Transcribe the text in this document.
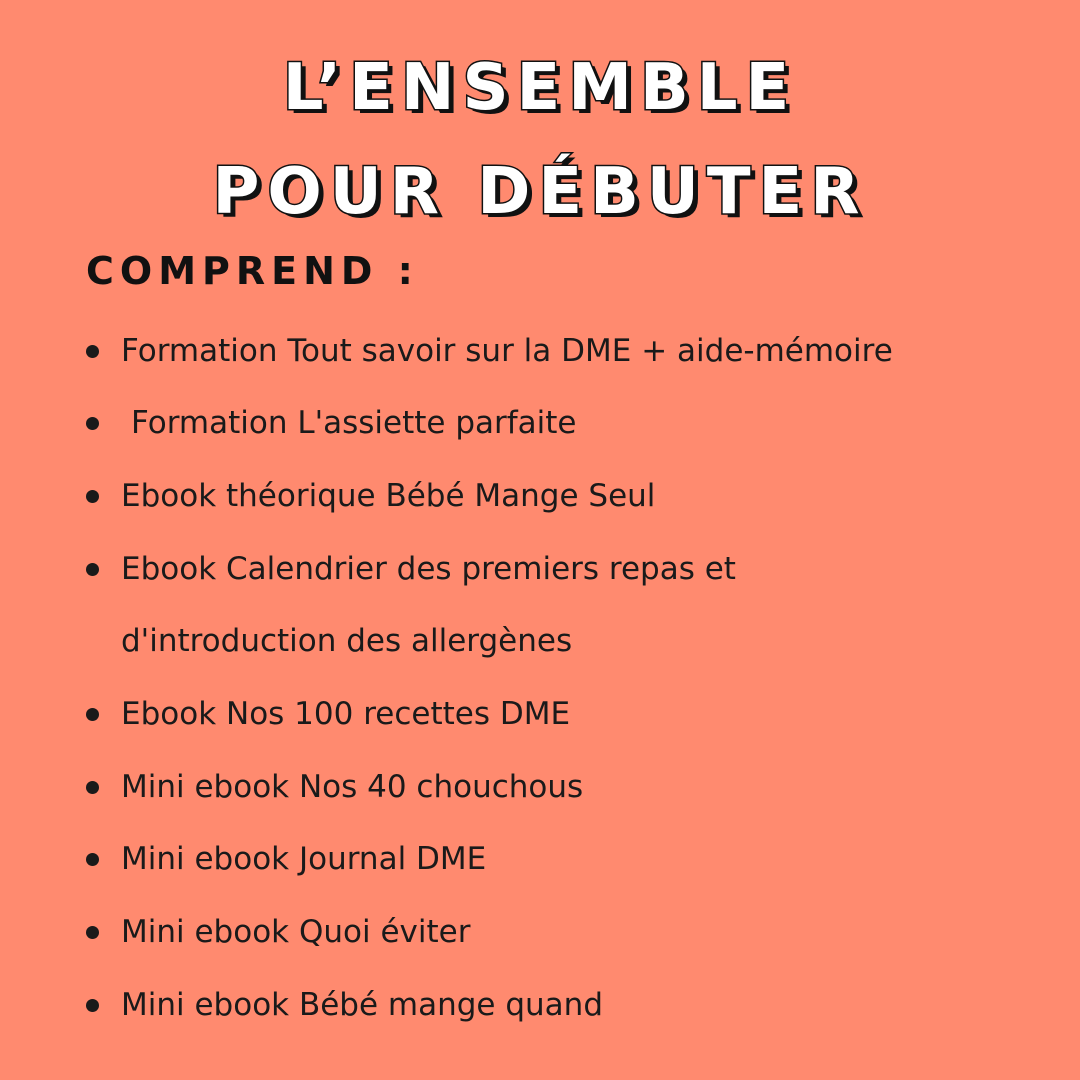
L’ENSEMBLE
POUR DÉBUTER
COMPREND :
Formation Tout savoir sur la DME + aide-mémoire
Formation L'assiette parfaite
Ebook théorique Bébé Mange Seul
Ebook Calendrier des premiers repas et d'introduction des allergènes
Ebook Nos 100 recettes DME
Mini ebook Nos 40 chouchous
Mini ebook Journal DME
Mini ebook Quoi éviter
Mini ebook Bébé mange quand
